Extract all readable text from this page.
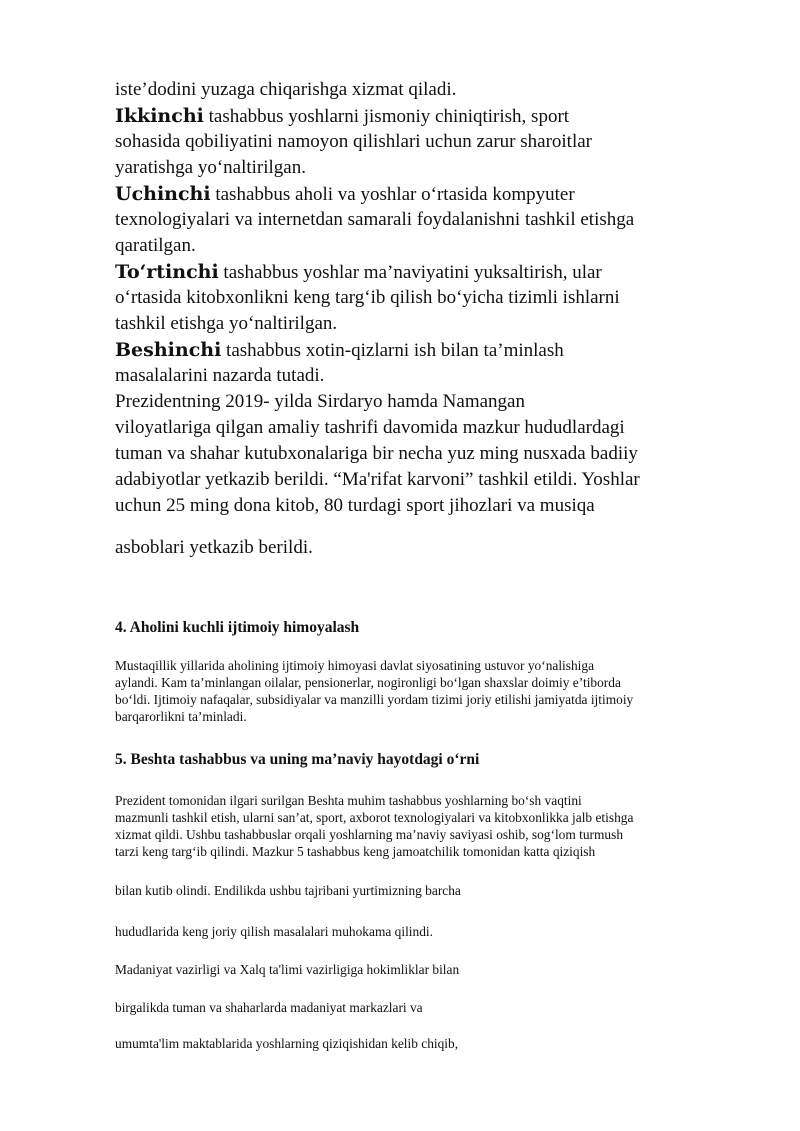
iste’dodini yuzaga chiqarishga xizmat qiladi.
Ikkinchi tashabbus yoshlarni jismoniy chiniqtirish, sport
sohasida qobiliyatini namoyon qilishlari uchun zarur sharoitlar
yaratishga yo‘naltirilgan.
Uchinchi tashabbus aholi va yoshlar o‘rtasida kompyuter
texnologiyalari va internetdan samarali foydalanishni tashkil etishga
qaratilgan.
To‘rtinchi tashabbus yoshlar ma’naviyatini yuksaltirish, ular
o‘rtasida kitobxonlikni keng targ‘ib qilish bo‘yicha tizimli ishlarni
tashkil etishga yo‘naltirilgan.
Beshinchi tashabbus xotin-qizlarni ish bilan ta’minlash
masalalarini nazarda tutadi.
Prezidentning 2019- yilda Sirdaryo hamda Namangan
viloyatlariga qilgan amaliy tashrifi davomida mazkur hududlardagi
tuman va shahar kutubxonalariga bir necha yuz ming nusxada badiiy
adabiyotlar yetkazib berildi. “Ma'rifat karvoni” tashkil etildi. Yoshlar
uchun 25 ming dona kitob, 80 turdagi sport jihozlari va musiqa
asboblari yetkazib berildi.
4. Aholini kuchli ijtimoiy himoyalash
Mustaqillik yillarida aholining ijtimoiy himoyasi davlat siyosatining ustuvor yo‘nalishiga
aylandi. Kam ta’minlangan oilalar, pensionerlar, nogironligi bo‘lgan shaxslar doimiy e’tiborda
bo‘ldi. Ijtimoiy nafaqalar, subsidiyalar va manzilli yordam tizimi joriy etilishi jamiyatda ijtimoiy
barqarorlikni ta’minladi.
5. Beshta tashabbus va uning ma’naviy hayotdagi o‘rni
Prezident tomonidan ilgari surilgan Beshta muhim tashabbus yoshlarning bo‘sh vaqtini
mazmunli tashkil etish, ularni san’at, sport, axborot texnologiyalari va kitobxonlikka jalb etishga
xizmat qildi. Ushbu tashabbuslar orqali yoshlarning ma’naviy saviyasi oshib, sog‘lom turmush
tarzi keng targ‘ib qilindi. Mazkur 5 tashabbus keng jamoatchilik tomonidan katta qiziqish
bilan kutib olindi. Endilikda ushbu tajribani yurtimizning barcha
hududlarida keng joriy qilish masalalari muhokama qilindi.
Madaniyat vazirligi va Xalq ta'limi vazirligiga hokimliklar bilan
birgalikda tuman va shaharlarda madaniyat markazlari va
umumta'lim maktablarida yoshlarning qiziqishidan kelib chiqib,
